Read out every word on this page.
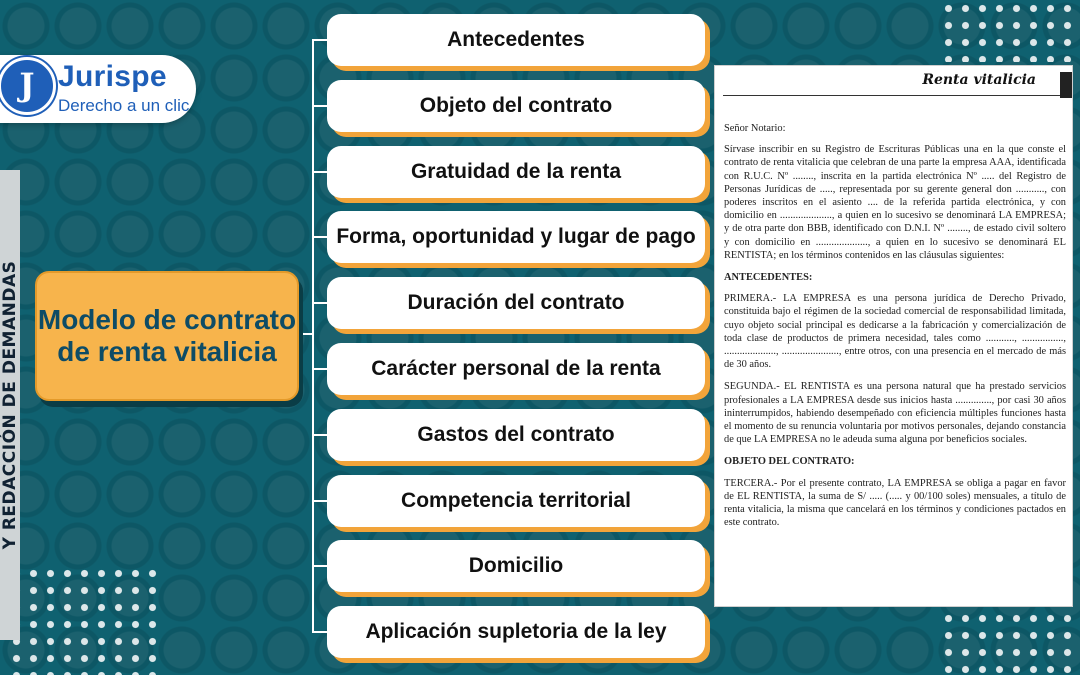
J Jurispe
Derecho a un clic
Y REDACCIÓN DE DEMANDAS Modelo de contrato de renta vitalicia
Antecedentes
Objeto del contrato
Gratuidad de la renta
Forma, oportunidad y lugar de pago
Duración del contrato
Carácter personal de la renta
Gastos del contrato
Competencia territorial
Domicilio
Aplicación supletoria de la ley
Renta vitalicia

Señor Notario:

Sírvase inscribir en su Registro de Escrituras Públicas una en la que conste el contrato de renta vitalicia que celebran de una parte la empresa AAA, identificada con R.U.C. Nº ........, inscrita en la partida electrónica Nº ..... del Registro de Personas Jurídicas de ....., representada por su gerente general don ..........., con poderes inscritos en el asiento .... de la referida partida electrónica, y con domicilio en ...................., a quien en lo sucesivo se denominará LA EMPRESA; y de otra parte don BBB, identificado con D.N.I. Nº ........, de estado civil soltero y con domicilio en ...................., a quien en lo sucesivo se denominará EL RENTISTA; en los términos contenidos en las cláusulas siguientes:

ANTECEDENTES:

PRIMERA.- LA EMPRESA es una persona jurídica de Derecho Privado, constituida bajo el régimen de la sociedad comercial de responsabilidad limitada, cuyo objeto social principal es dedicarse a la fabricación y comercialización de toda clase de productos de primera necesidad, tales como ..........., ................, ...................., ......................, entre otros, con una presencia en el mercado de más de 30 años.

SEGUNDA.- EL RENTISTA es una persona natural que ha prestado servicios profesionales a LA EMPRESA desde sus inicios hasta .............., por casi 30 años ininterrumpidos, habiendo desempeñado con eficiencia múltiples funciones hasta el momento de su renuncia voluntaria por motivos personales, dejando constancia de que LA EMPRESA no le adeuda suma alguna por beneficios sociales.

OBJETO DEL CONTRATO:

TERCERA.- Por el presente contrato, LA EMPRESA se obliga a pagar en favor de EL RENTISTA, la suma de S/ ..... (..... y 00/100 soles) mensuales, a título de renta vitalicia, la misma que cancelará en los términos y condiciones pactados en este contrato.
